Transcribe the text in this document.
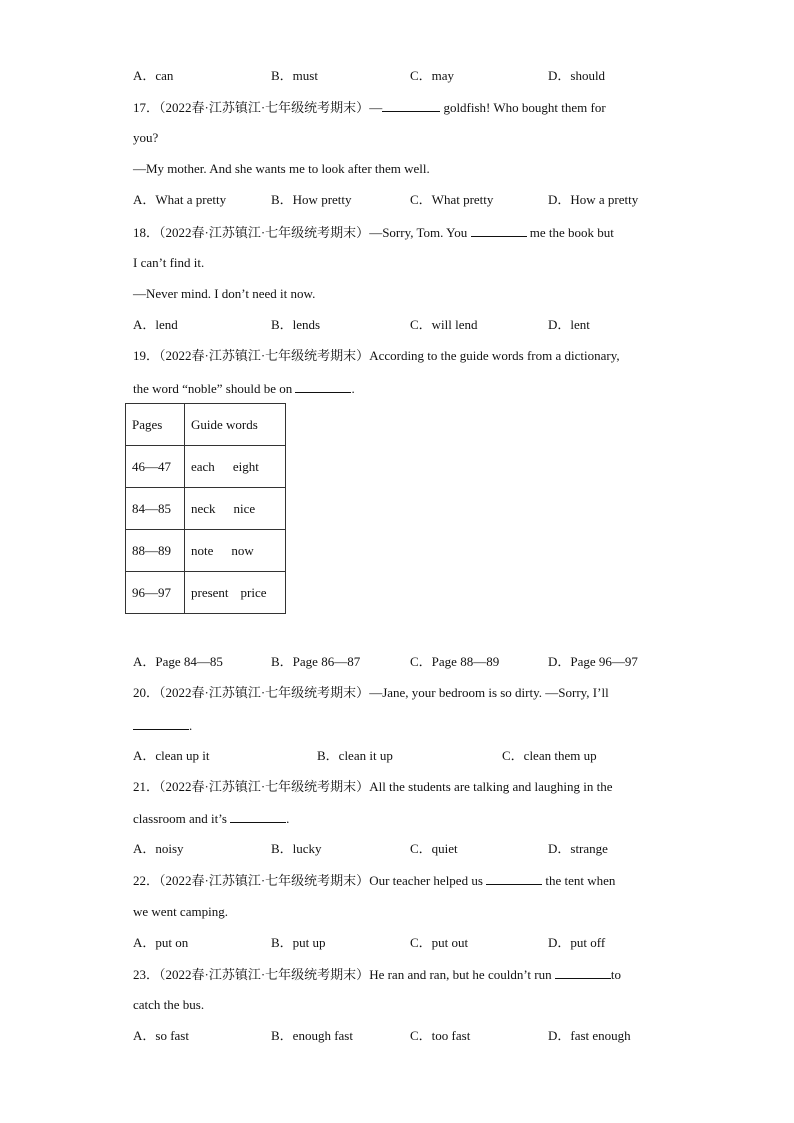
A．can	B．must	C．may	D．should
17．（2022春·江苏镇江·七年级统考期末）—	goldfish! Who bought them for
you?
—My mother. And she wants me to look after them well.
A．What a pretty	B．How pretty	C．What pretty	D．How a pretty
18．（2022春·江苏镇江·七年级统考期末）—Sorry, Tom. You	me the book but
I can’t find it.
—Never mind. I don’t need it now.
A．lend	B．lends	C．will lend	D．lent
19．（2022春·江苏镇江·七年级统考期末）According to the guide words from a dictionary,
the word “noble” should be on	.
Pages	Guide words
46—47	each eight
84—85	neck nice
88—89	note now
96—97	present price
A．Page 84—85	B．Page 86—87	C．Page 88—89	D．Page 96—97
20．（2022春·江苏镇江·七年级统考期末）—Jane, your bedroom is so dirty. —Sorry, I’ll
.
A．clean up it	B．clean it up	C．clean them up
21．（2022春·江苏镇江·七年级统考期末）All the students are talking and laughing in the
classroom and it’s	.
A．noisy	B．lucky	C．quiet	D．strange
22．（2022春·江苏镇江·七年级统考期末）Our teacher helped us	the tent when
we went camping.
A．put on	B．put up	C．put out	D．put off
23．（2022春·江苏镇江·七年级统考期末）He ran and ran, but he couldn’t run	to
catch the bus.
A．so fast	B．enough fast	C．too fast	D．fast enough
